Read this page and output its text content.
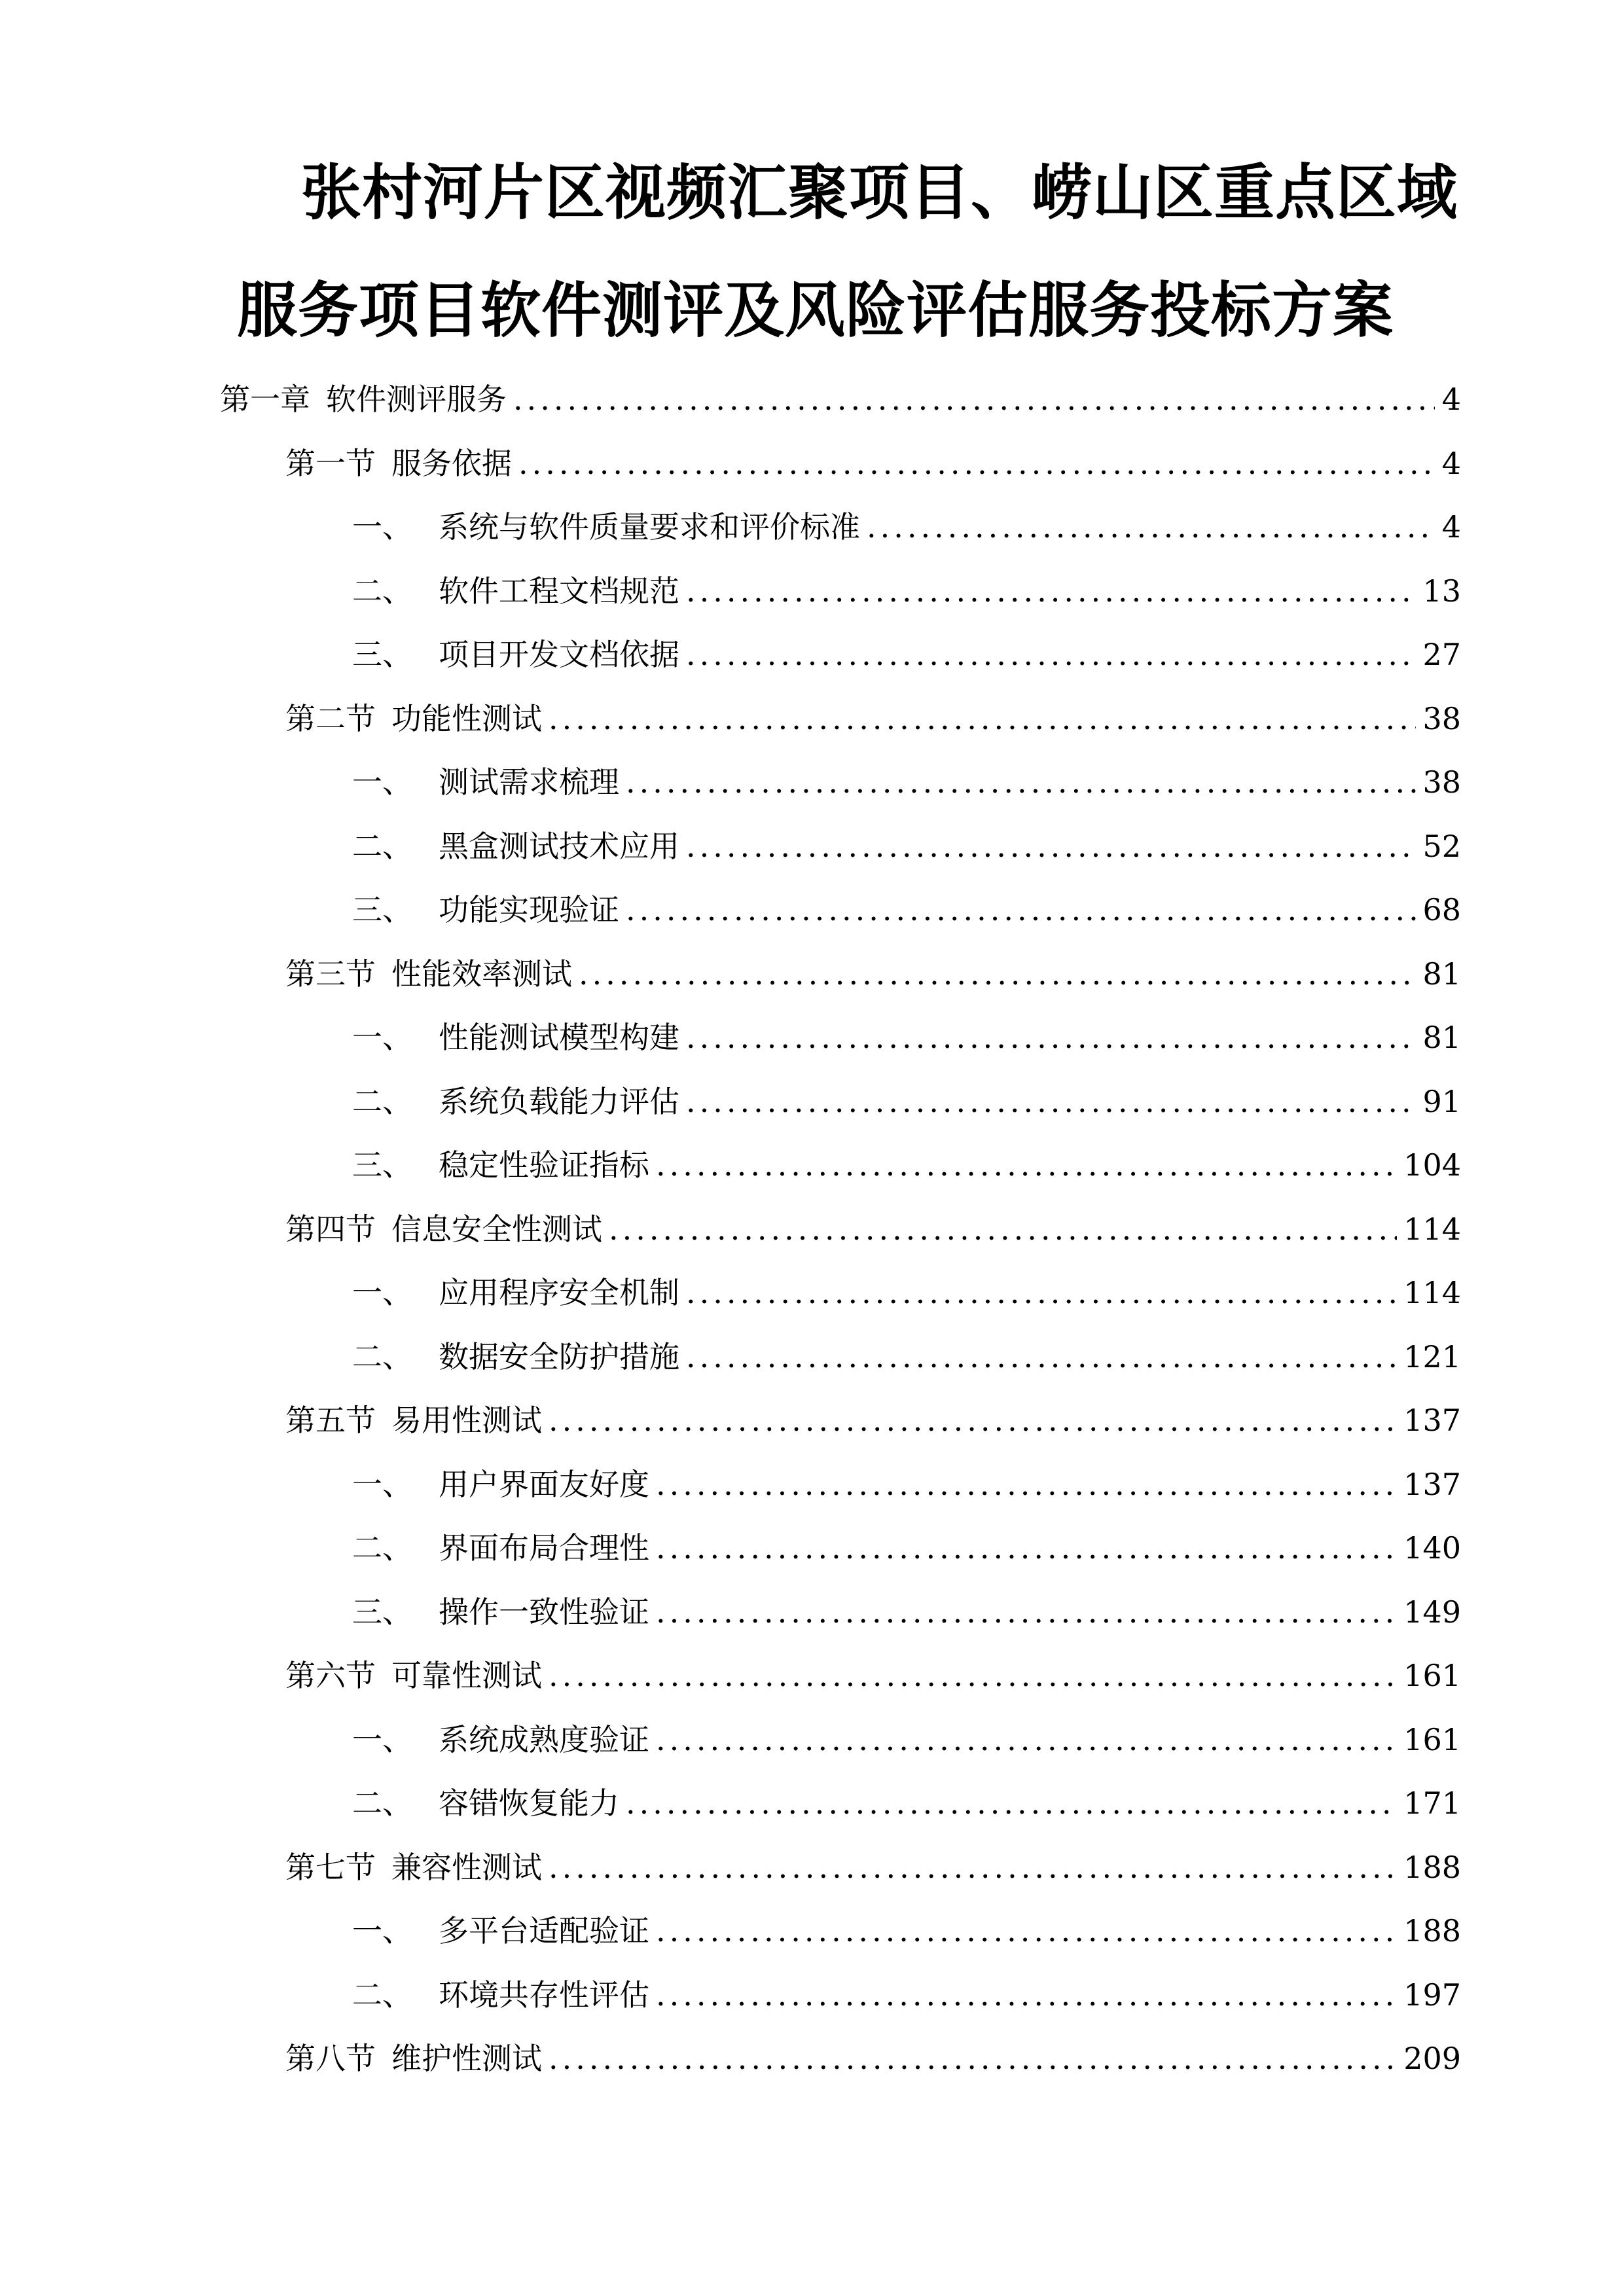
张村河片区视频汇聚项目、崂山区重点区域
服务项目软件测评及风险评估服务投标方案
第一章 软件测评服务 .....	4
第一节 服务依据 .....	4
一、 系统与软件质量要求和评价标准 .....	4
二、 软件工程文档规范 .....	13
三、 项目开发文档依据 .....	27
第二节 功能性测试 .....	38
一、 测试需求梳理 .....	38
二、 黑盒测试技术应用 .....	52
三、 功能实现验证 .....	68
第三节 性能效率测试 .....	81
一、 性能测试模型构建 .....	81
二、 系统负载能力评估 .....	91
三、 稳定性验证指标 .....	104
第四节 信息安全性测试 .....	114
一、 应用程序安全机制 .....	114
二、 数据安全防护措施 .....	121
第五节 易用性测试 .....	137
一、 用户界面友好度 .....	137
二、 界面布局合理性 .....	140
三、 操作一致性验证 .....	149
第六节 可靠性测试 .....	161
一、 系统成熟度验证 .....	161
二、 容错恢复能力 .....	171
第七节 兼容性测试 .....	188
一、 多平台适配验证 .....	188
二、 环境共存性评估 .....	197
第八节 维护性测试 .....	209
